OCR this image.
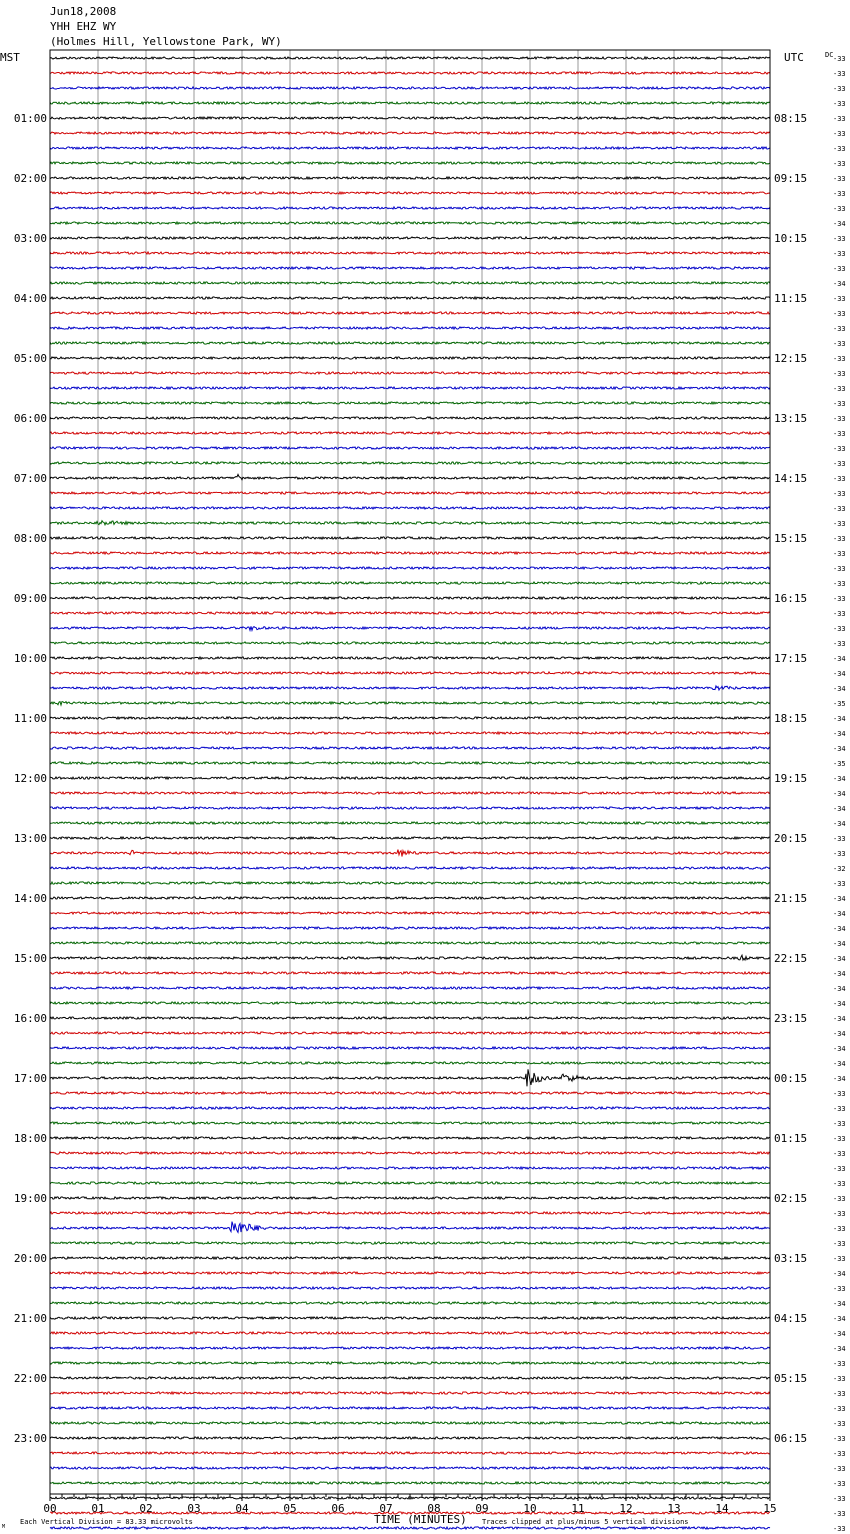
Jun18,2008
YHH EHZ WY
(Holmes Hill, Yellowstone Park, WY)
00	01	02	03	04	05	06	07	08	09	10	11	12	13	14	15
01:00	08:15
02:00	09:15
03:00	10:15
04:00	11:15
05:00	12:15
06:00	13:15
07:00	14:15
08:00	15:15
09:00	16:15
10:00	17:15
11:00	18:15
12:00	19:15
13:00	20:15
14:00	21:15
15:00	22:15
16:00	23:15
17:00	00:15
18:00	01:15
19:00	02:15
20:00	03:15
21:00	04:15
22:00	05:15
23:00	06:15
-33
-33
-33
-33
-33
-33
-33
-33
-33
-33
-33
-34
-33
-33
-33
-34
-33
-33
-33
-33
-33
-33
-33
-33
-33
-33
-33
-33
-33
-33
-33
-33
-33
-33
-33
-33
-33
-33
-33
-33
-34
-34
-34
-35
-34
-34
-34
-35
-34
-34
-34
-34
-33
-33
-32
-33
-34
-34
-34
-34
-34
-34
-34
-34
-34
-34
-34
-34
-34
-33
-33
-33
-33
-33
-33
-33
-33
-33
-33
-33
-33
-34
-33
-34
-34
-34
-34
-33
-33
-33
-33
-33
-33
-33
-33
-33
-33
-33
-33
MST	UTC	DC
TIME (MINUTES)
Each Vertical Division = 83.33 microvolts	Traces clipped at plus/minus 5 vertical divisions
M
